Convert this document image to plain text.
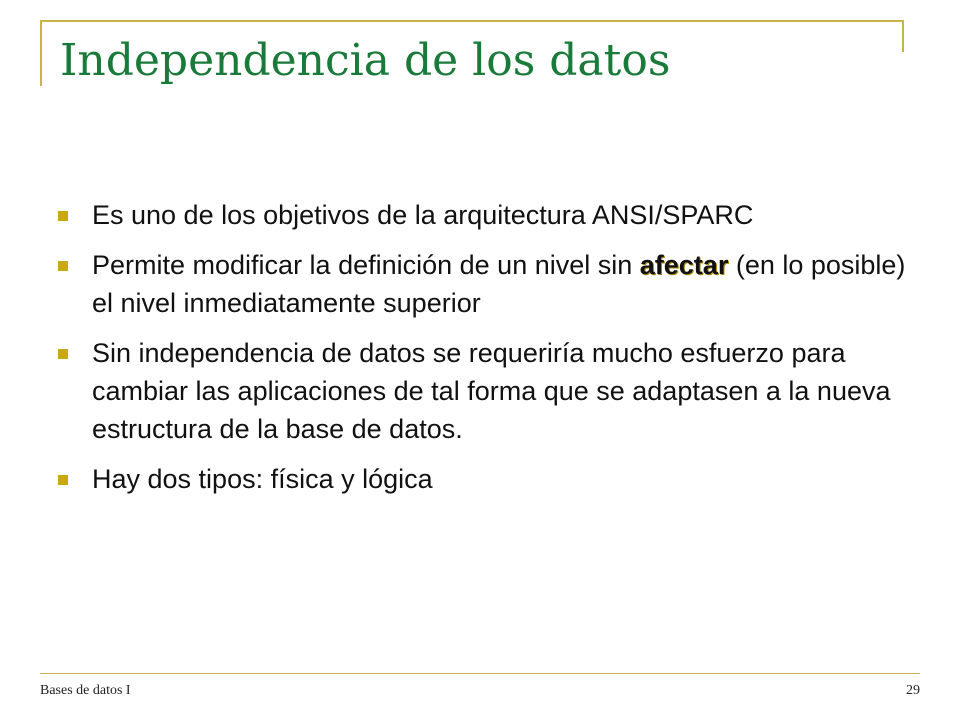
Independencia de los datos
Es uno de los objetivos de la arquitectura ANSI/SPARC
Permite modificar la definición de un nivel sin afectar (en lo posible) el nivel inmediatamente superior
Sin independencia de datos se requeriría mucho esfuerzo para cambiar las aplicaciones de tal forma que se adaptasen a la nueva estructura de la base de datos.
Hay dos tipos: física y lógica
Bases de datos I	29
